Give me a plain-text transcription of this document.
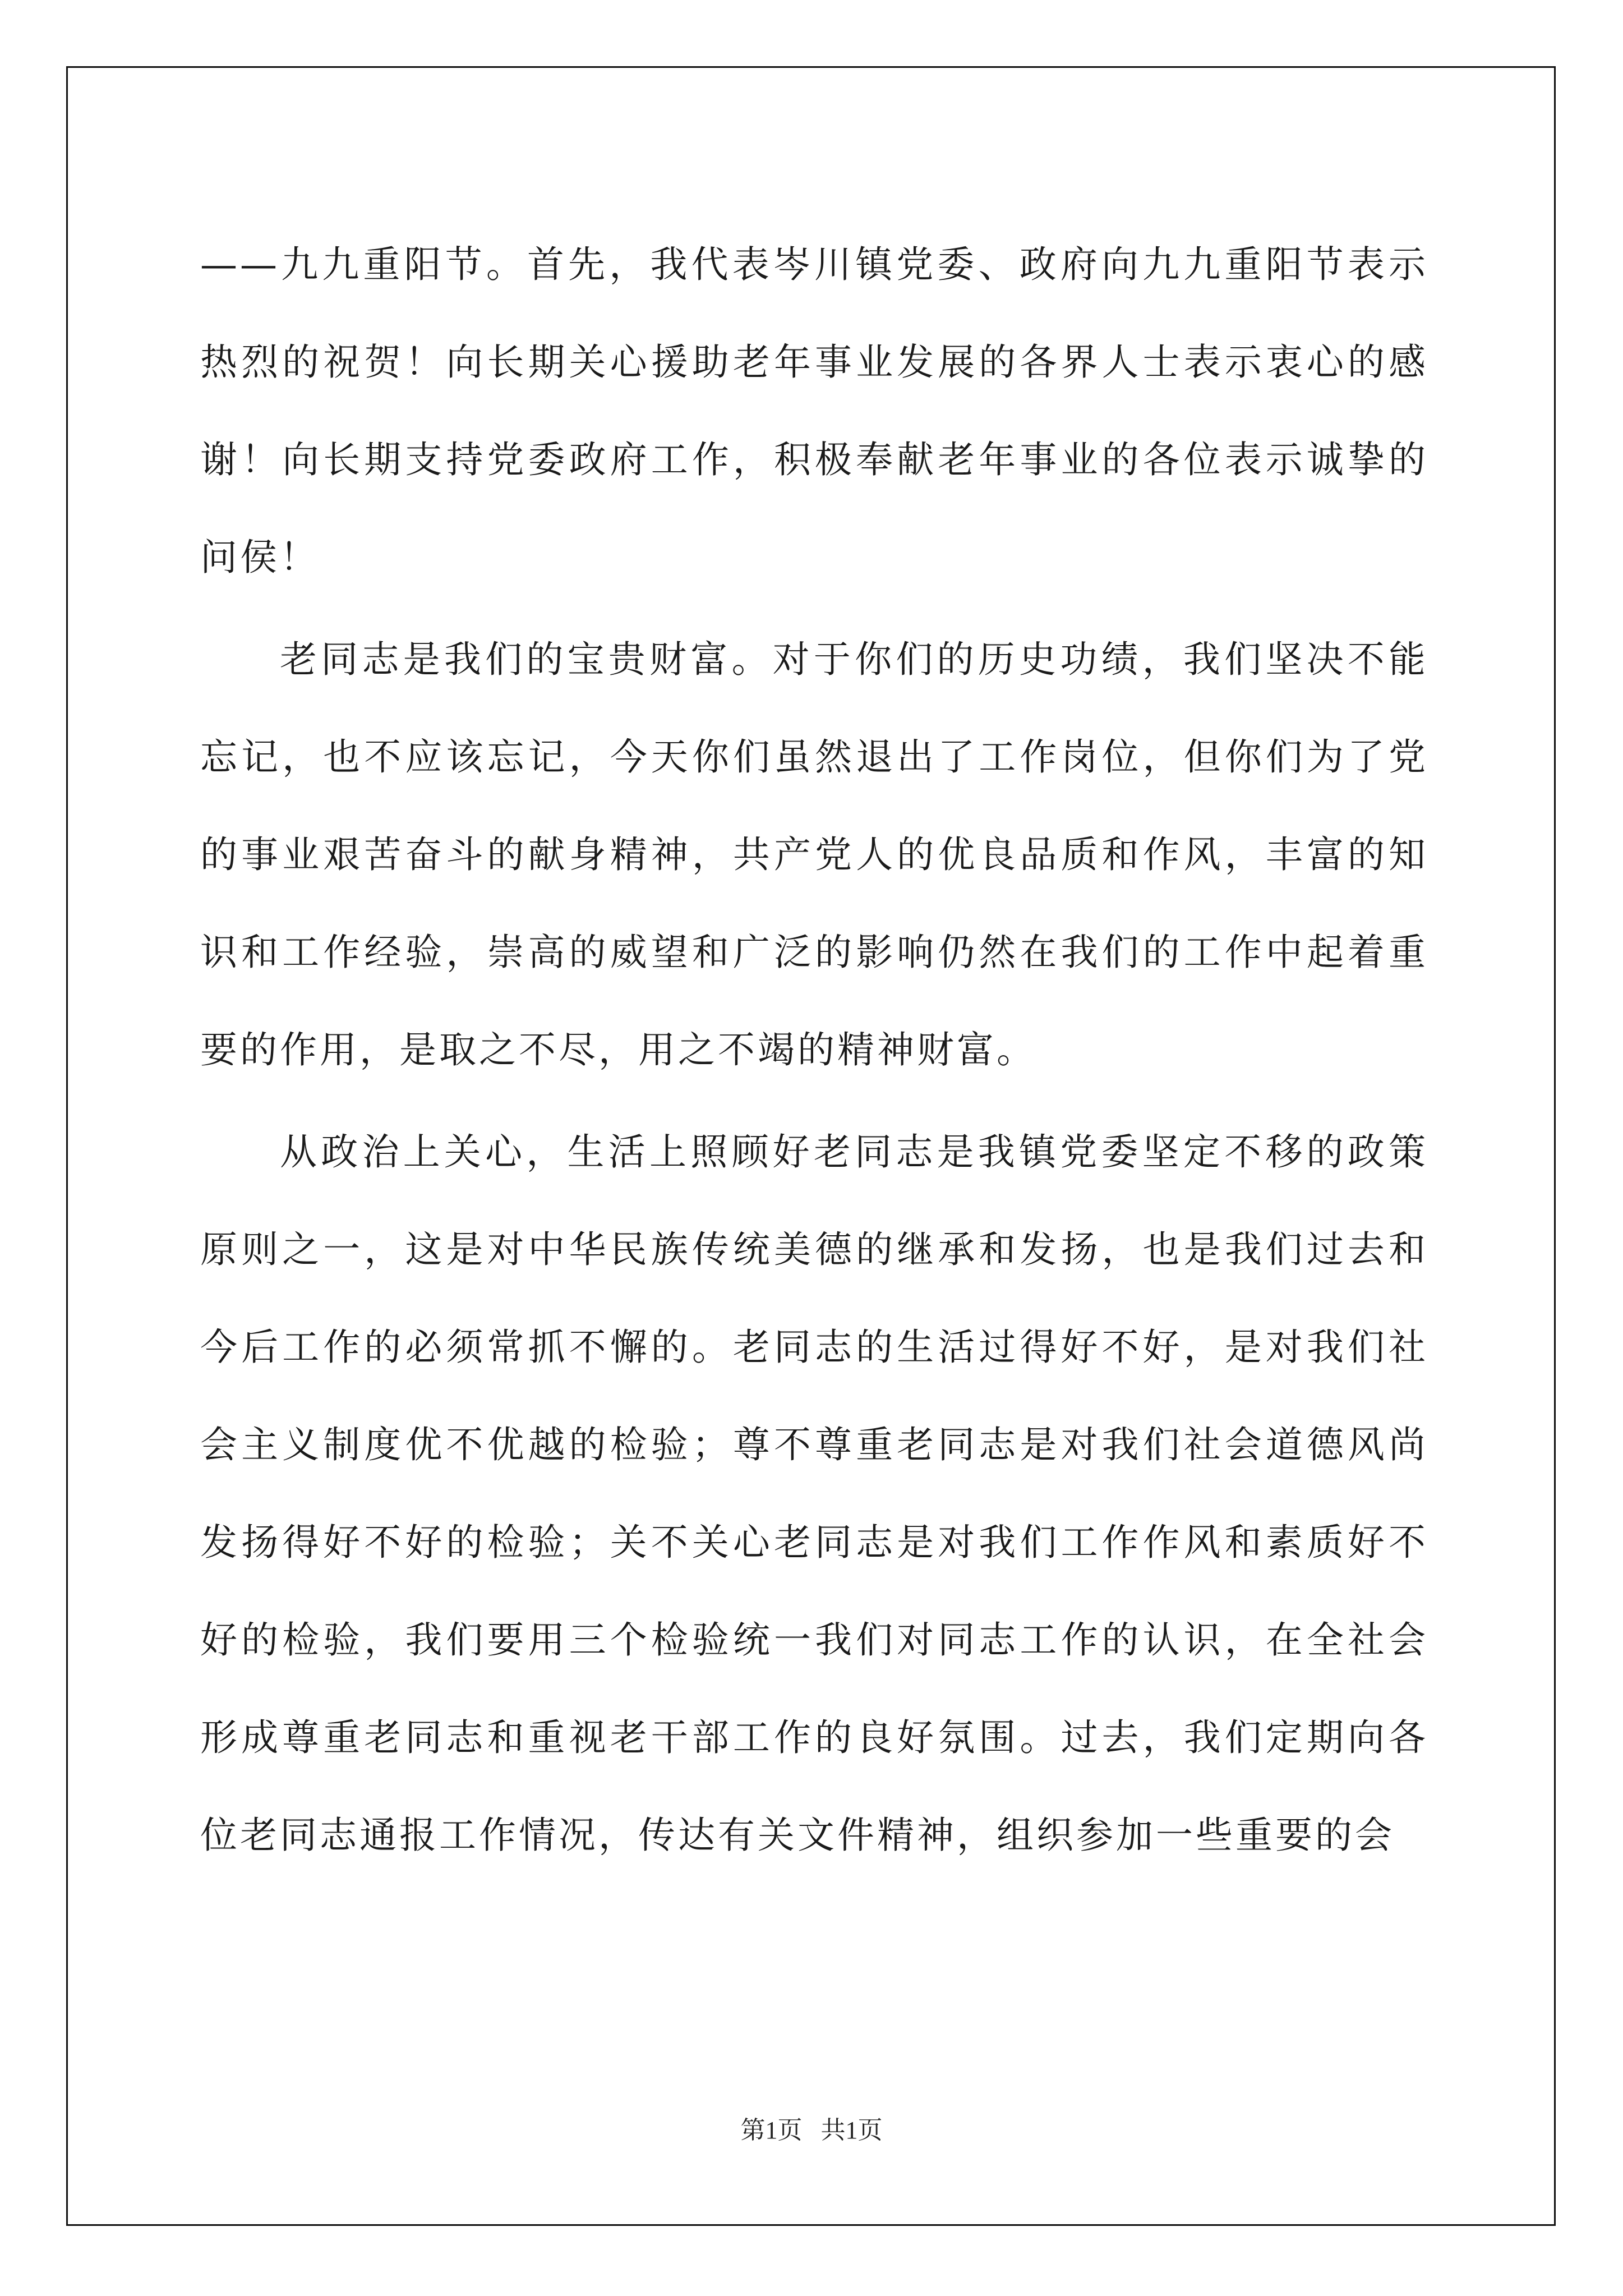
——九九重阳节。首先，我代表岑川镇党委、政府向九九重阳节表示热烈的祝贺！向长期关心援助老年事业发展的各界人士表示衷心的感谢！向长期支持党委政府工作，积极奉献老年事业的各位表示诚挚的问侯！

老同志是我们的宝贵财富。对于你们的历史功绩，我们坚决不能忘记，也不应该忘记，今天你们虽然退出了工作岗位，但你们为了党的事业艰苦奋斗的献身精神，共产党人的优良品质和作风，丰富的知识和工作经验，崇高的威望和广泛的影响仍然在我们的工作中起着重要的作用，是取之不尽，用之不竭的精神财富。

从政治上关心，生活上照顾好老同志是我镇党委坚定不移的政策原则之一，这是对中华民族传统美德的继承和发扬，也是我们过去和今后工作的必须常抓不懈的。老同志的生活过得好不好，是对我们社会主义制度优不优越的检验；尊不尊重老同志是对我们社会道德风尚发扬得好不好的检验；关不关心老同志是对我们工作作风和素质好不好的检验，我们要用三个检验统一我们对同志工作的认识，在全社会形成尊重老同志和重视老干部工作的良好氛围。过去，我们定期向各位老同志通报工作情况，传达有关文件精神，组织参加一些重要的会

第1页   共1页
